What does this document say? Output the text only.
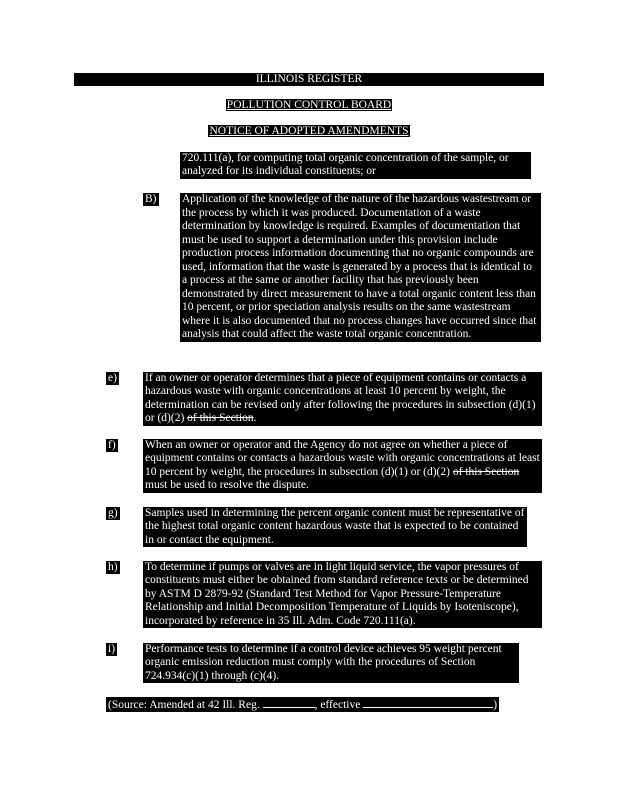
ILLINOIS REGISTER
POLLUTION CONTROL BOARD
NOTICE OF ADOPTED AMENDMENTS
720.111(a), for computing total organic concentration of the sample, or analyzed for its individual constituents; or
B) Application of the knowledge of the nature of the hazardous wastestream or the process by which it was produced. Documentation of a waste determination by knowledge is required. Examples of documentation that must be used to support a determination under this provision include production process information documenting that no organic compounds are used, information that the waste is generated by a process that is identical to a process at the same or another facility that has previously been demonstrated by direct measurement to have a total organic content less than 10 percent, or prior speciation analysis results on the same wastestream where it is also documented that no process changes have occurred since that analysis that could affect the waste total organic concentration.
e) If an owner or operator determines that a piece of equipment contains or contacts a hazardous waste with organic concentrations at least 10 percent by weight, the determination can be revised only after following the procedures in subsection (d)(1) or (d)(2) of this Section.
f)	When an owner or operator and the Agency do not agree on whether a piece of equipment contains or contacts a hazardous waste with organic concentrations at least 10 percent by weight, the procedures in subsection (d)(1) or (d)(2) of this Section must be used to resolve the dispute.
g) Samples used in determining the percent organic content must be representative of the highest total organic content hazardous waste that is expected to be contained in or contact the equipment.
h) To determine if pumps or valves are in light liquid service, the vapor pressures of constituents must either be obtained from standard reference texts or be determined by ASTM D 2879-92 (Standard Test Method for Vapor Pressure-Temperature Relationship and Initial Decomposition Temperature of Liquids by Isoteniscope), incorporated by reference in 35 Ill. Adm. Code 720.111(a).
i)	Performance tests to determine if a control device achieves 95 weight percent organic emission reduction must comply with the procedures of Section 724.934(c)(1) through (c)(4).
(Source: Amended at 42 Ill. Reg.	, effective	)
